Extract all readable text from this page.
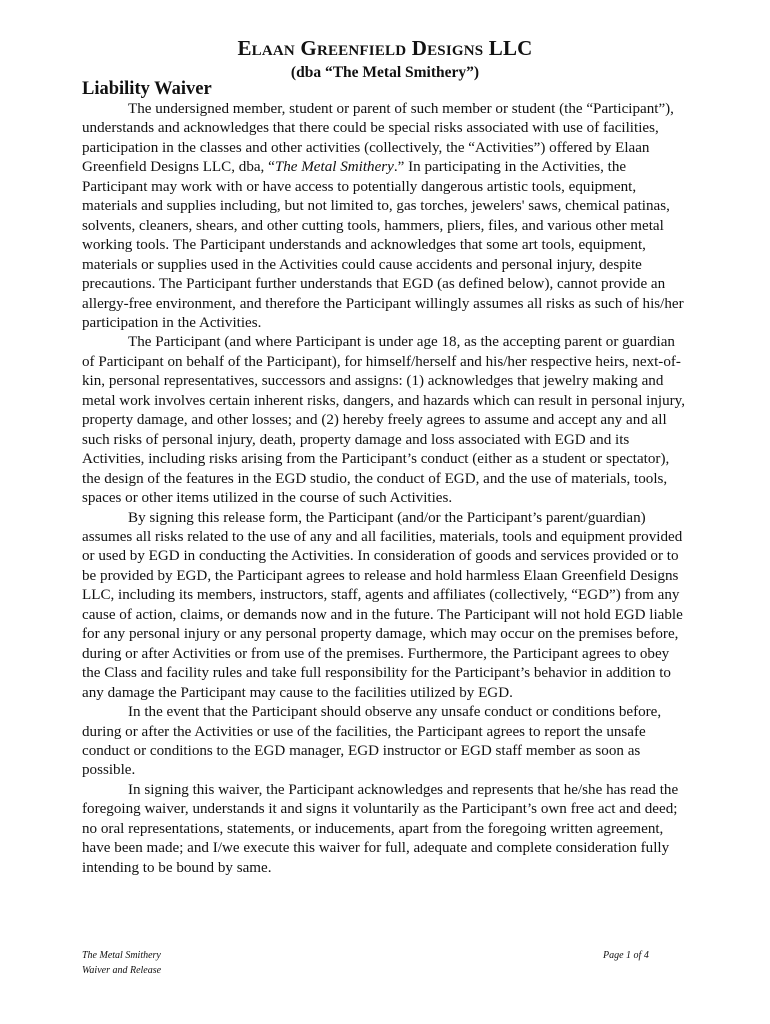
Elaan Greenfield Designs LLC
(dba “The Metal Smithery”)
Liability Waiver

The undersigned member, student or parent of such member or student (the “Participant”), understands and acknowledges that there could be special risks associated with use of facilities, participation in the classes and other activities (collectively, the “Activities”) offered by Elaan Greenfield Designs LLC, dba, “The Metal Smithery.” In participating in the Activities, the Participant may work with or have access to potentially dangerous artistic tools, equipment, materials and supplies including, but not limited to, gas torches, jewelers' saws, chemical patinas, solvents, cleaners, shears, and other cutting tools, hammers, pliers, files, and various other metal working tools. The Participant understands and acknowledges that some art tools, equipment, materials or supplies used in the Activities could cause accidents and personal injury, despite precautions. The Participant further understands that EGD (as defined below), cannot provide an allergy-free environment, and therefore the Participant willingly assumes all risks as such of his/her participation in the Activities.

The Participant (and where Participant is under age 18, as the accepting parent or guardian of Participant on behalf of the Participant), for himself/herself and his/her respective heirs, next-of-kin, personal representatives, successors and assigns: (1) acknowledges that jewelry making and metal work involves certain inherent risks, dangers, and hazards which can result in personal injury, property damage, and other losses; and (2) hereby freely agrees to assume and accept any and all such risks of personal injury, death, property damage and loss associated with EGD and its Activities, including risks arising from the Participant’s conduct (either as a student or spectator), the design of the features in the EGD studio, the conduct of EGD, and the use of materials, tools, spaces or other items utilized in the course of such Activities.

By signing this release form, the Participant (and/or the Participant’s parent/guardian) assumes all risks related to the use of any and all facilities, materials, tools and equipment provided or used by EGD in conducting the Activities. In consideration of goods and services provided or to be provided by EGD, the Participant agrees to release and hold harmless Elaan Greenfield Designs LLC, including its members, instructors, staff, agents and affiliates (collectively, “EGD”) from any cause of action, claims, or demands now and in the future. The Participant will not hold EGD liable for any personal injury or any personal property damage, which may occur on the premises before, during or after Activities or from use of the premises. Furthermore, the Participant agrees to obey the Class and facility rules and take full responsibility for the Participant’s behavior in addition to any damage the Participant may cause to the facilities utilized by EGD.

In the event that the Participant should observe any unsafe conduct or conditions before, during or after the Activities or use of the facilities, the Participant agrees to report the unsafe conduct or conditions to the EGD manager, EGD instructor or EGD staff member as soon as possible.

In signing this waiver, the Participant acknowledges and represents that he/she has read the foregoing waiver, understands it and signs it voluntarily as the Participant’s own free act and deed; no oral representations, statements, or inducements, apart from the foregoing written agreement, have been made; and I/we execute this waiver for full, adequate and complete consideration fully intending to be bound by same.

The Metal Smithery
Waiver and Release
Page 1 of 4
